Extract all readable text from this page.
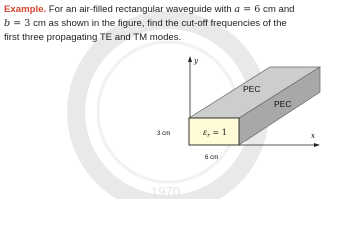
1970

Example. For an air-filled rectangular waveguide with a = 6 cm and
b = 3 cm as shown in the figure, find the cut-off frequencies of the
first three propagating TE and TM modes.

y
x
PEC
PEC
3 cm
6 cm
$\varepsilon_r = 1$
